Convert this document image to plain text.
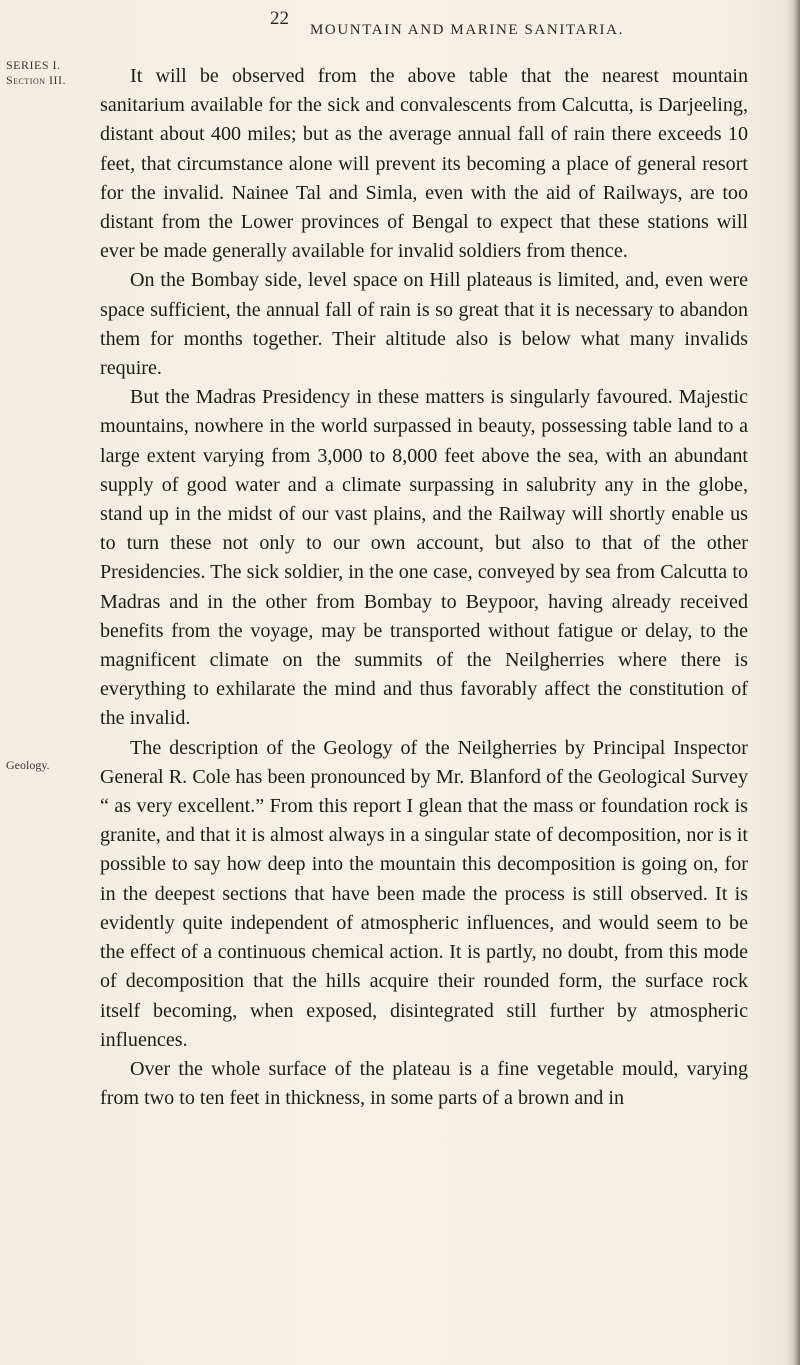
22
MOUNTAIN AND MARINE SANITARIA.
SERIES I.
Section III.
Geology.

It will be observed from the above table that the nearest mountain sanitarium available for the sick and convalescents from Calcutta, is Darjeeling, distant about 400 miles; but as the average annual fall of rain there exceeds 10 feet, that circumstance alone will prevent its becoming a place of general resort for the invalid. Nainee Tal and Simla, even with the aid of Railways, are too distant from the Lower provinces of Bengal to expect that these stations will ever be made generally available for invalid soldiers from thence.

On the Bombay side, level space on Hill plateaus is limited, and, even were space sufficient, the annual fall of rain is so great that it is necessary to abandon them for months together. Their altitude also is below what many invalids require.

But the Madras Presidency in these matters is singularly favoured. Majestic mountains, nowhere in the world surpassed in beauty, possessing table land to a large extent varying from 3,000 to 8,000 feet above the sea, with an abundant supply of good water and a climate surpassing in salubrity any in the globe, stand up in the midst of our vast plains, and the Railway will shortly enable us to turn these not only to our own account, but also to that of the other Presidencies. The sick soldier, in the one case, conveyed by sea from Calcutta to Madras and in the other from Bombay to Beypoor, having already received benefits from the voyage, may be transported without fatigue or delay, to the magnificent climate on the summits of the Neilgherries where there is everything to exhilarate the mind and thus favorably affect the constitution of the invalid.

The description of the Geology of the Neilgherries by Principal Inspector General R. Cole has been pronounced by Mr. Blanford of the Geological Survey “ as very excellent.” From this report I glean that the mass or foundation rock is granite, and that it is almost always in a singular state of decomposition, nor is it possible to say how deep into the mountain this decomposition is going on, for in the deepest sections that have been made the process is still observed. It is evidently quite independent of atmospheric influences, and would seem to be the effect of a continuous chemical action. It is partly, no doubt, from this mode of decomposition that the hills acquire their rounded form, the surface rock itself becoming, when exposed, disintegrated still further by atmospheric influences.

Over the whole surface of the plateau is a fine vegetable mould, varying from two to ten feet in thickness, in some parts of a brown and in
